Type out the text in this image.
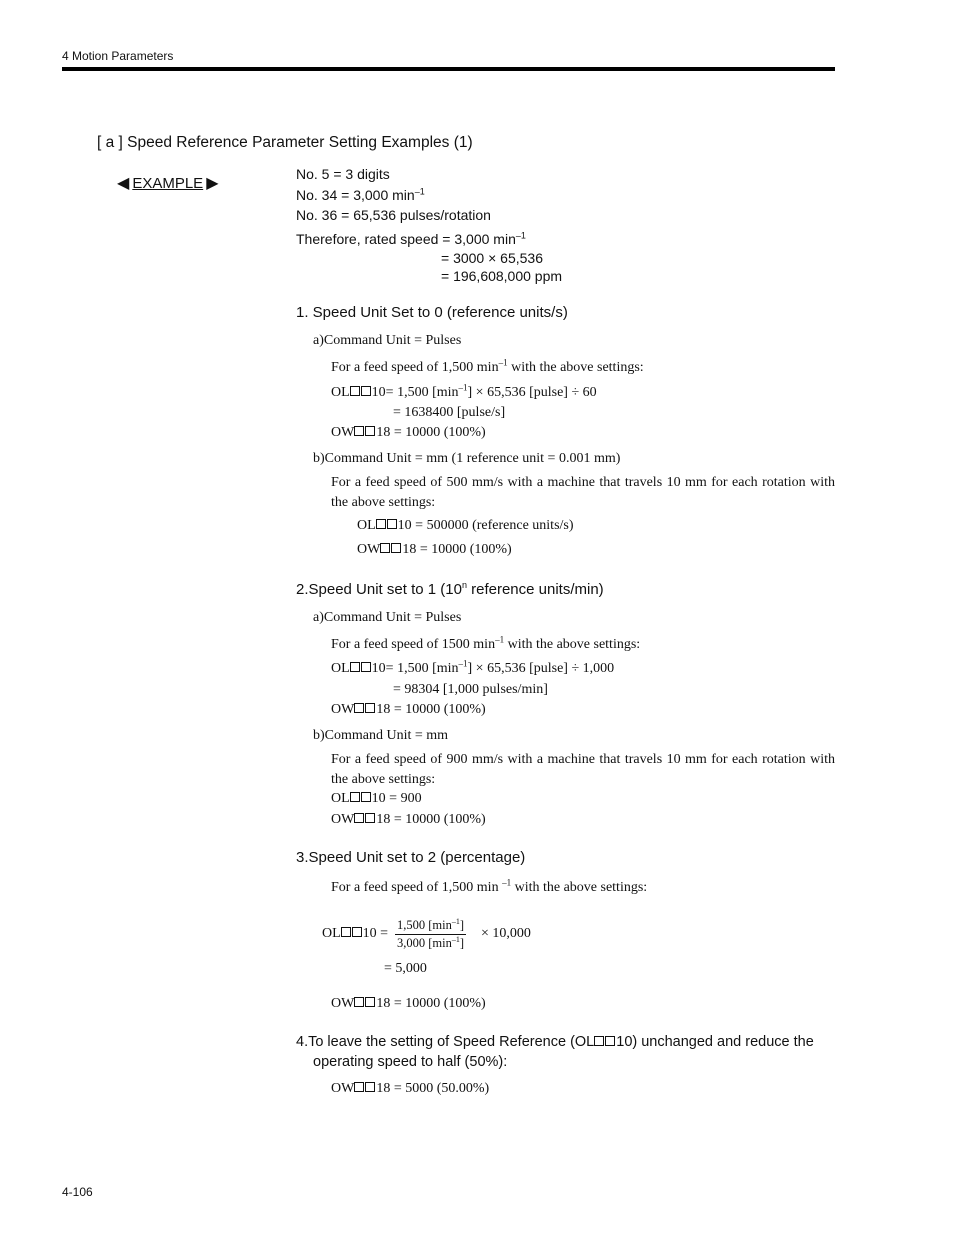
4 Motion Parameters
[ a ] Speed Reference Parameter Setting Examples (1)
◀ EXAMPLE ▶
No. 5 = 3 digits
No. 34 = 3,000 $\min^{-1}$
No. 36 = 65,536 pulses/rotation
Therefore, rated speed = 3,000 $\min^{-1}$
= 3000 × 65,536
= 196,608,000 ppm
1. Speed Unit Set to 0 (reference units/s)
a)Command Unit = Pulses
For a feed speed of 1,500 $\min^{-1}$ with the above settings:
OL 10= 1,500 $[\min^{-1}] \times 65,536$ [pulse] ÷ 60
= 1638400 [pulse/s]
OW 18 = 10000 (100%)
b)Command Unit = mm (1 reference unit = 0.001 mm)
For a feed speed of 500 mm/s with a machine that travels 10 mm for each rotation with the above settings:
OL 10 = 500000 (reference units/s)
OW 18 = 10000 (100%)
2.Speed Unit set to 1 (10$^n$ reference units/min)
a)Command Unit = Pulses
For a feed speed of 1500 $\min^{-1}$ with the above settings:
OL 10= 1,500 $[\min^{-1}] \times 65,536$ [pulse] ÷ 1,000
= 98304 [1,000 pulses/min]
OW 18 = 10000 (100%)
b)Command Unit = mm
For a feed speed of 900 mm/s with a machine that travels 10 mm for each rotation with the above settings:
OL 10 = 900
OW 18 = 10000 (100%)
3.Speed Unit set to 2 (percentage)
For a feed speed of 1,500 min $^{-1}$ with the above settings:
OL 10 =
1,500 $[\min^{-1}]$
3,000 $[\min^{-1}]$
× 10,000
= 5,000
OW 18 = 10000 (100%)
4.To leave the setting of Speed Reference (OL 10) unchanged and reduce the
operating speed to half (50%):
OW 18 = 5000 (50.00%)
4-106
